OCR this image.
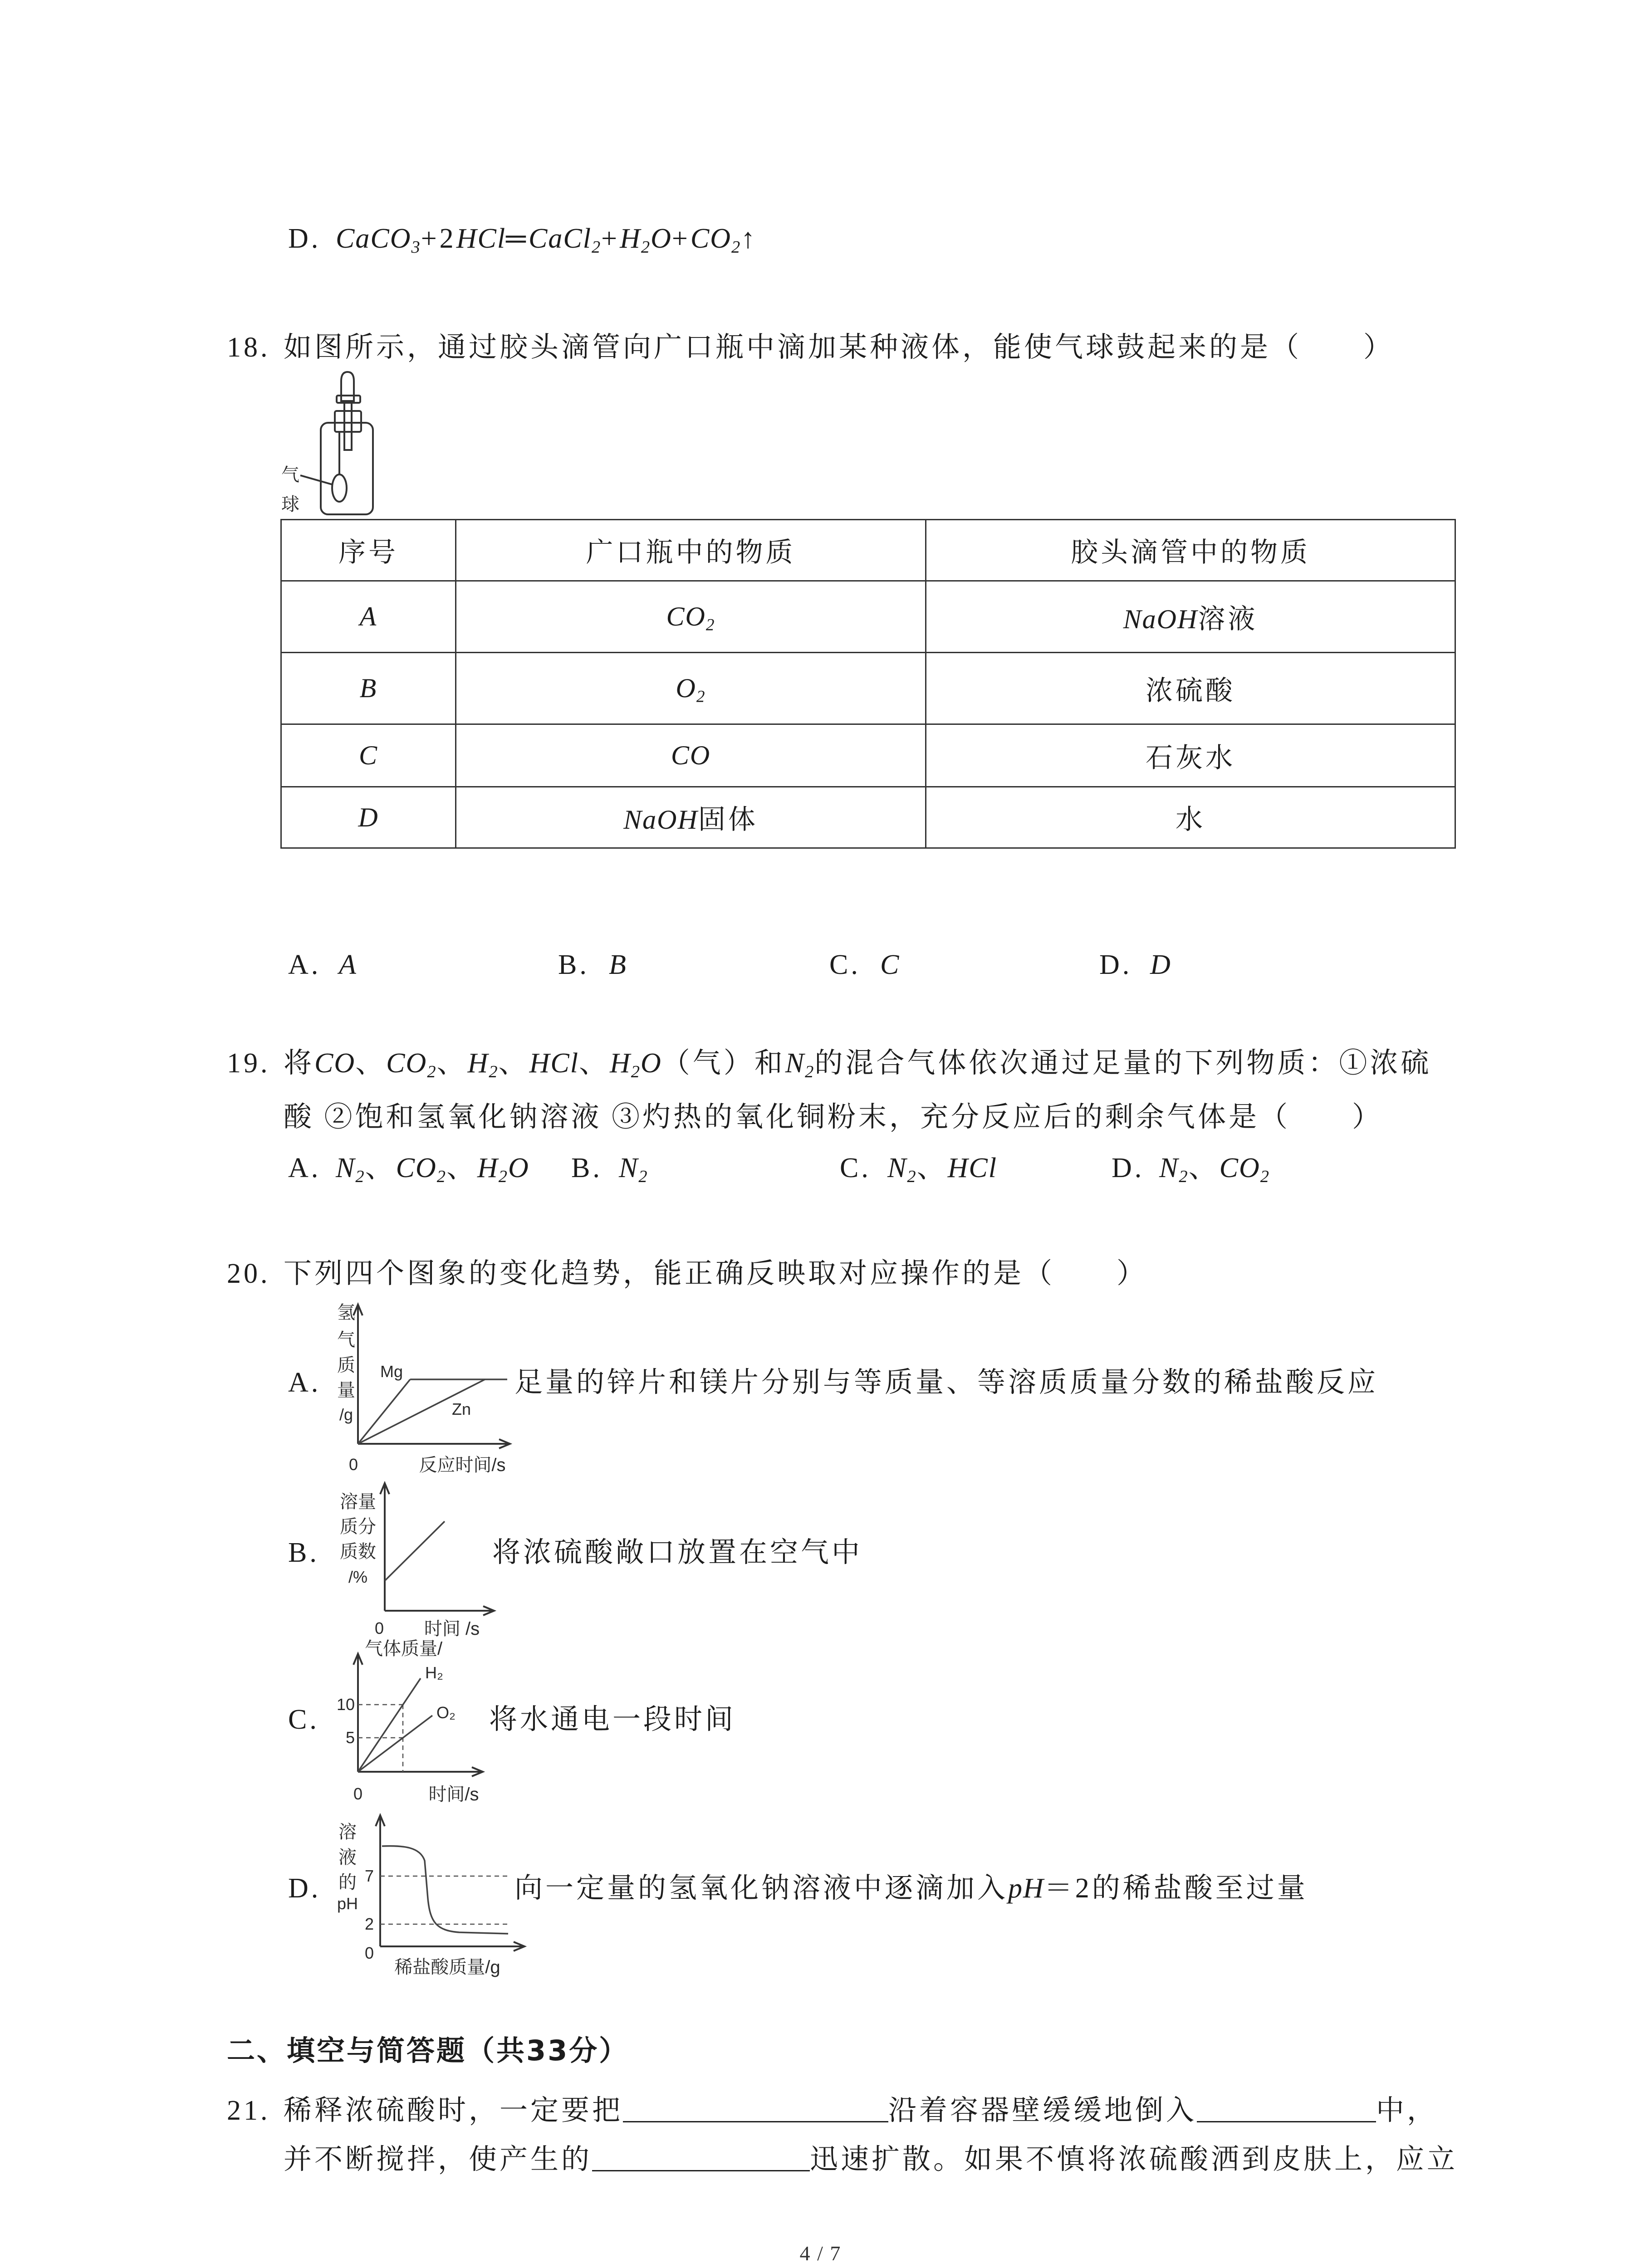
D. $CaCO_3+2HCl═CaCl_2+H_2O+CO_2↑$
18. 如图所示，通过胶头滴管向广口瓶中滴加某种液体，能使气球鼓起来的是（　　）
气
球
序号	广口瓶中的物质	胶头滴管中的物质
A	$CO_2$	NaOH溶液
B	$O_2$	浓硫酸
C	CO	石灰水
D	NaOH固体	水
A. A	B. B	C. C	D. D
19. 将CO、$CO_2$、$H_2$、HCl、$H_2O$（气）和$N_2$的混合气体依次通过足量的下列物质：①浓硫
酸 ②饱和氢氧化钠溶液 ③灼热的氧化铜粉末，充分反应后的剩余气体是（　　）
A. $N_2$、$CO_2$、$H_2O$ B. $N_2$	C. $N_2$、HCl	D. $N_2$、$CO_2$
20. 下列四个图象的变化趋势，能正确反映取对应操作的是（　　）
A.
氢
气
质
量
/g
Mg
Zn
0	反应时间/s
足量的锌片和镁片分别与等质量、等溶质质量分数的稀盐酸反应
B.
溶量
质分
质数
/%
0 时间 /s
将浓硫酸敞口放置在空气中
C.
气体质量/
10
5
H₂
O₂
0	时间/s
将水通电一段时间
D.
溶
液
的
pH
7
2
0
稀盐酸质量/g
向一定量的氢氧化钠溶液中逐滴加入pH＝2的稀盐酸至过量
二、填空与简答题（共33分）
21. 稀释浓硫酸时，一定要把	沿着容器壁缓缓地倒入	中，
并不断搅拌，使产生的	迅速扩散。如果不慎将浓硫酸洒到皮肤上，应立
4 / 7
